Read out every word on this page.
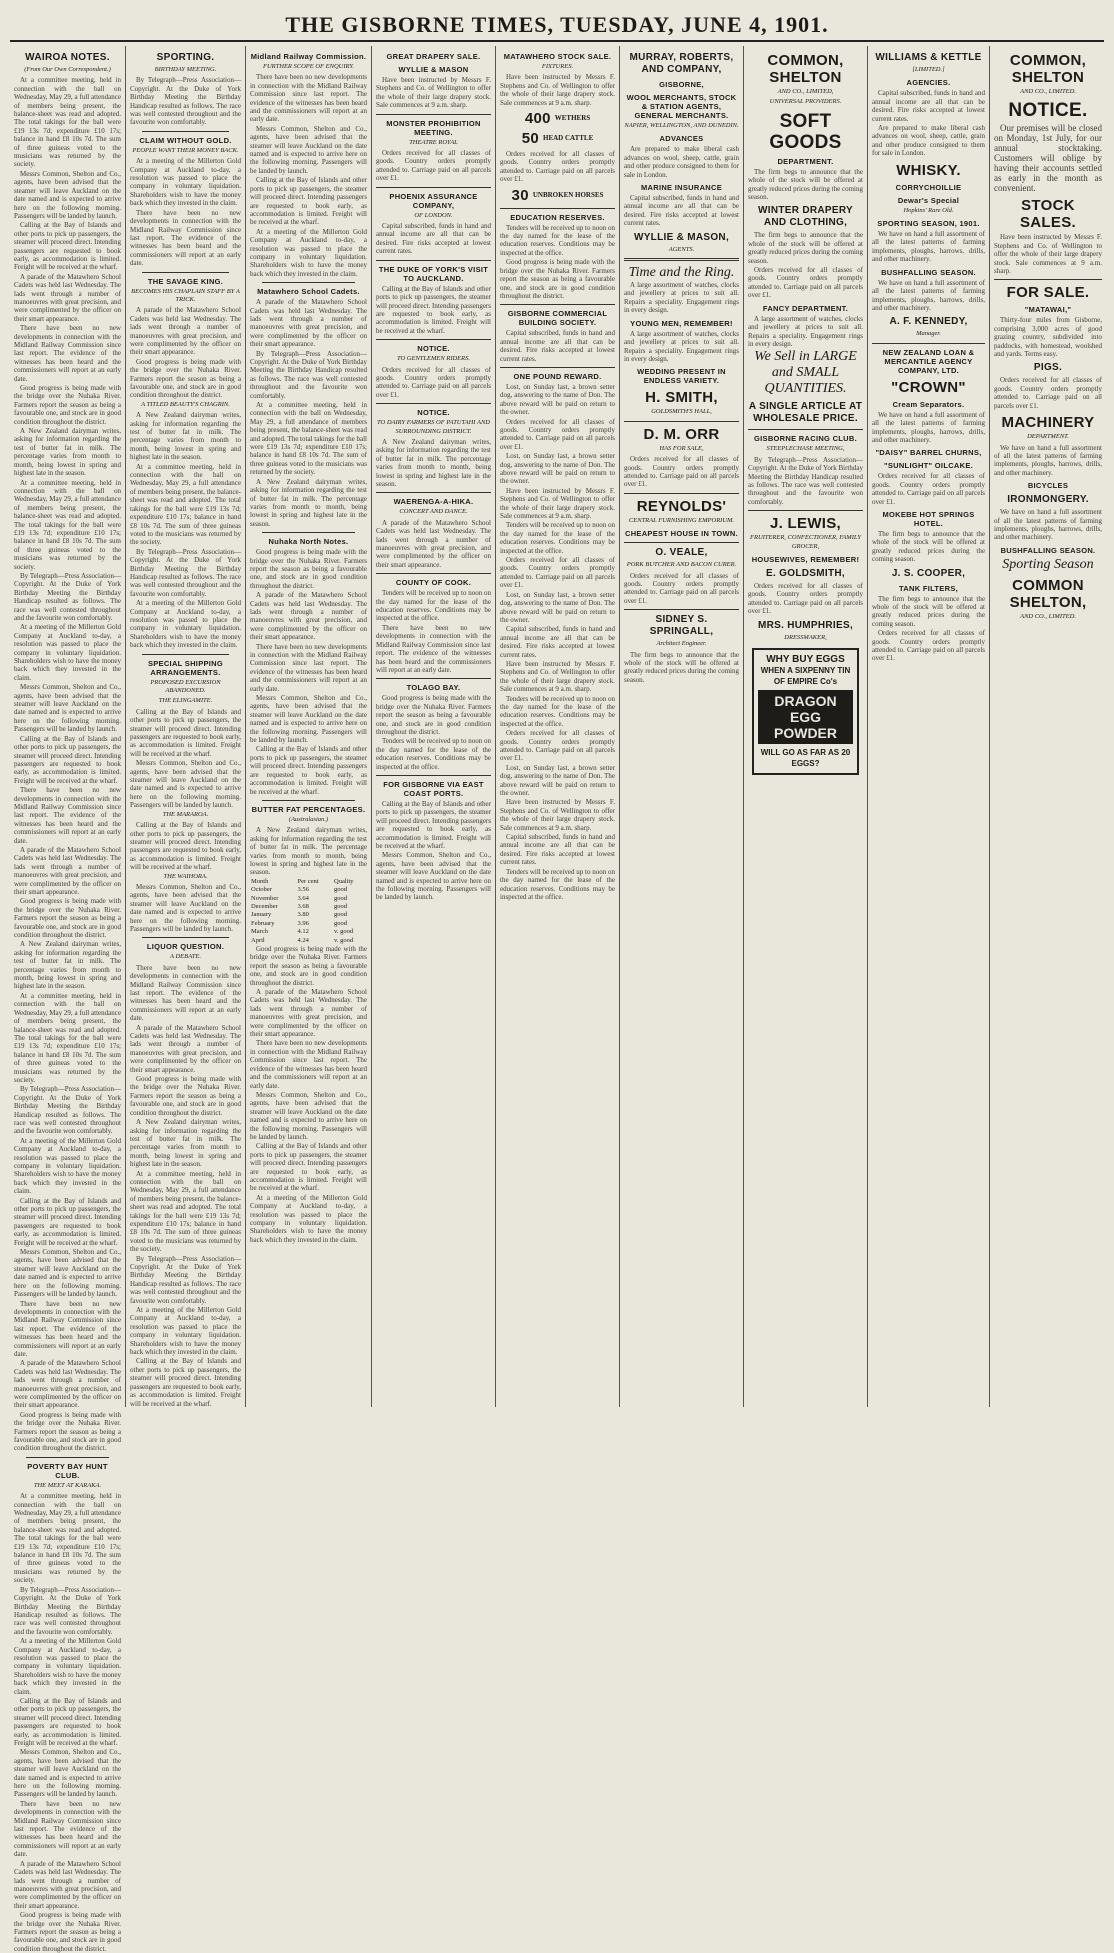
THE GISBORNE TIMES, TUESDAY, JUNE 4, 1901.
WAIROA NOTES.
(From Our Own Correspondent.)

At a committee meeting, held in connection with the ball on Wednesday, May 29, a full attendance of members being present, the balance-sheet was read and adopted. The total takings for the ball were £19 13s 7d; expenditure £10 17s; balance in hand £8 10s 7d. The sum of three guineas voted to the musicians was returned by the society.

Messrs Common, Shelton and Co., agents, have been advised that the steamer will leave Auckland on the date named and is expected to arrive here on the following morning. Passengers will be landed by launch.

Calling at the Bay of Islands and other ports to pick up passengers, the steamer will proceed direct. Intending passengers are requested to book early, as accommodation is limited. Freight will be received at the wharf.

A parade of the Matawhero School Cadets was held last Wednesday. The lads went through a number of manoeuvres with great precision, and were complimented by the officer on their smart appearance.

There have been no new developments in connection with the Midland Railway Commission since last report. The evidence of the witnesses has been heard and the commissioners will report at an early date.

Good progress is being made with the bridge over the Nuhaka River. Farmers report the season as being a favourable one, and stock are in good condition throughout the district.

A New Zealand dairyman writes, asking for information regarding the test of butter fat in milk. The percentage varies from month to month, being lowest in spring and highest late in the season.

At a committee meeting, held in connection with the ball on Wednesday, May 29, a full attendance of members being present, the balance-sheet was read and adopted. The total takings for the ball were £19 13s 7d; expenditure £10 17s; balance in hand £8 10s 7d. The sum of three guineas voted to the musicians was returned by the society.

By Telegraph—Press Association—Copyright. At the Duke of York Birthday Meeting the Birthday Handicap resulted as follows. The race was well contested throughout and the favourite won comfortably.

At a meeting of the Millerton Gold Company at Auckland to-day, a resolution was passed to place the company in voluntary liquidation. Shareholders wish to have the money back which they invested in the claim.

Messrs Common, Shelton and Co., agents, have been advised that the steamer will leave Auckland on the date named and is expected to arrive here on the following morning. Passengers will be landed by launch.

Calling at the Bay of Islands and other ports to pick up passengers, the steamer will proceed direct. Intending passengers are requested to book early, as accommodation is limited. Freight will be received at the wharf.

There have been no new developments in connection with the Midland Railway Commission since last report. The evidence of the witnesses has been heard and the commissioners will report at an early date.

A parade of the Matawhero School Cadets was held last Wednesday. The lads went through a number of manoeuvres with great precision, and were complimented by the officer on their smart appearance.

Good progress is being made with the bridge over the Nuhaka River. Farmers report the season as being a favourable one, and stock are in good condition throughout the district.

A New Zealand dairyman writes, asking for information regarding the test of butter fat in milk. The percentage varies from month to month, being lowest in spring and highest late in the season.

At a committee meeting, held in connection with the ball on Wednesday, May 29, a full attendance of members being present, the balance-sheet was read and adopted. The total takings for the ball were £19 13s 7d; expenditure £10 17s; balance in hand £8 10s 7d. The sum of three guineas voted to the musicians was returned by the society.

By Telegraph—Press Association—Copyright. At the Duke of York Birthday Meeting the Birthday Handicap resulted as follows. The race was well contested throughout and the favourite won comfortably.

At a meeting of the Millerton Gold Company at Auckland to-day, a resolution was passed to place the company in voluntary liquidation. Shareholders wish to have the money back which they invested in the claim.

Calling at the Bay of Islands and other ports to pick up passengers, the steamer will proceed direct. Intending passengers are requested to book early, as accommodation is limited. Freight will be received at the wharf.

Messrs Common, Shelton and Co., agents, have been advised that the steamer will leave Auckland on the date named and is expected to arrive here on the following morning. Passengers will be landed by launch.

There have been no new developments in connection with the Midland Railway Commission since last report. The evidence of the witnesses has been heard and the commissioners will report at an early date.

A parade of the Matawhero School Cadets was held last Wednesday. The lads went through a number of manoeuvres with great precision, and were complimented by the officer on their smart appearance.

Good progress is being made with the bridge over the Nuhaka River. Farmers report the season as being a favourable one, and stock are in good condition throughout the district.

POVERTY BAY HUNT CLUB.
THE MEET AT KARAKA.

At a committee meeting, held in connection with the ball on Wednesday, May 29, a full attendance of members being present, the balance-sheet was read and adopted. The total takings for the ball were £19 13s 7d; expenditure £10 17s; balance in hand £8 10s 7d. The sum of three guineas voted to the musicians was returned by the society.

By Telegraph—Press Association—Copyright. At the Duke of York Birthday Meeting the Birthday Handicap resulted as follows. The race was well contested throughout and the favourite won comfortably.

At a meeting of the Millerton Gold Company at Auckland to-day, a resolution was passed to place the company in voluntary liquidation. Shareholders wish to have the money back which they invested in the claim.

Calling at the Bay of Islands and other ports to pick up passengers, the steamer will proceed direct. Intending passengers are requested to book early, as accommodation is limited. Freight will be received at the wharf.

Messrs Common, Shelton and Co., agents, have been advised that the steamer will leave Auckland on the date named and is expected to arrive here on the following morning. Passengers will be landed by launch.

There have been no new developments in connection with the Midland Railway Commission since last report. The evidence of the witnesses has been heard and the commissioners will report at an early date.

A parade of the Matawhero School Cadets was held last Wednesday. The lads went through a number of manoeuvres with great precision, and were complimented by the officer on their smart appearance.

Good progress is being made with the bridge over the Nuhaka River. Farmers report the season as being a favourable one, and stock are in good condition throughout the district.

SPORTING.
BIRTHDAY MEETING.

By Telegraph—Press Association—Copyright. At the Duke of York Birthday Meeting the Birthday Handicap resulted as follows. The race was well contested throughout and the favourite won comfortably.

CLAIM WITHOUT GOLD.
PEOPLE WANT THEIR MONEY BACK.

At a meeting of the Millerton Gold Company at Auckland to-day, a resolution was passed to place the company in voluntary liquidation. Shareholders wish to have the money back which they invested in the claim.

There have been no new developments in connection with the Midland Railway Commission since last report. The evidence of the witnesses has been heard and the commissioners will report at an early date.

THE SAVAGE KING.
BECOMES HIS CHAPLAIN STAFF BY A TRICK.

A parade of the Matawhero School Cadets was held last Wednesday. The lads went through a number of manoeuvres with great precision, and were complimented by the officer on their smart appearance.

Good progress is being made with the bridge over the Nuhaka River. Farmers report the season as being a favourable one, and stock are in good condition throughout the district.

A TITLED BEAUTY'S CHAGRIN.

A New Zealand dairyman writes, asking for information regarding the test of butter fat in milk. The percentage varies from month to month, being lowest in spring and highest late in the season.

At a committee meeting, held in connection with the ball on Wednesday, May 29, a full attendance of members being present, the balance-sheet was read and adopted. The total takings for the ball were £19 13s 7d; expenditure £10 17s; balance in hand £8 10s 7d. The sum of three guineas voted to the musicians was returned by the society.

By Telegraph—Press Association—Copyright. At the Duke of York Birthday Meeting the Birthday Handicap resulted as follows. The race was well contested throughout and the favourite won comfortably.

At a meeting of the Millerton Gold Company at Auckland to-day, a resolution was passed to place the company in voluntary liquidation. Shareholders wish to have the money back which they invested in the claim.

SPECIAL SHIPPING ARRANGEMENTS.
PROPOSED EXCURSION ABANDONED.
THE ELINGAMITE.

Calling at the Bay of Islands and other ports to pick up passengers, the steamer will proceed direct. Intending passengers are requested to book early, as accommodation is limited. Freight will be received at the wharf.

Messrs Common, Shelton and Co., agents, have been advised that the steamer will leave Auckland on the date named and is expected to arrive here on the following morning. Passengers will be landed by launch.

THE MARAROA.

Calling at the Bay of Islands and other ports to pick up passengers, the steamer will proceed direct. Intending passengers are requested to book early, as accommodation is limited. Freight will be received at the wharf.

THE WAIHORA.

Messrs Common, Shelton and Co., agents, have been advised that the steamer will leave Auckland on the date named and is expected to arrive here on the following morning. Passengers will be landed by launch.

LIQUOR QUESTION.
A DEBATE.

There have been no new developments in connection with the Midland Railway Commission since last report. The evidence of the witnesses has been heard and the commissioners will report at an early date.

A parade of the Matawhero School Cadets was held last Wednesday. The lads went through a number of manoeuvres with great precision, and were complimented by the officer on their smart appearance.

Good progress is being made with the bridge over the Nuhaka River. Farmers report the season as being a favourable one, and stock are in good condition throughout the district.

A New Zealand dairyman writes, asking for information regarding the test of butter fat in milk. The percentage varies from month to month, being lowest in spring and highest late in the season.

At a committee meeting, held in connection with the ball on Wednesday, May 29, a full attendance of members being present, the balance-sheet was read and adopted. The total takings for the ball were £19 13s 7d; expenditure £10 17s; balance in hand £8 10s 7d. The sum of three guineas voted to the musicians was returned by the society.

By Telegraph—Press Association—Copyright. At the Duke of York Birthday Meeting the Birthday Handicap resulted as follows. The race was well contested throughout and the favourite won comfortably.

At a meeting of the Millerton Gold Company at Auckland to-day, a resolution was passed to place the company in voluntary liquidation. Shareholders wish to have the money back which they invested in the claim.

Calling at the Bay of Islands and other ports to pick up passengers, the steamer will proceed direct. Intending passengers are requested to book early, as accommodation is limited. Freight will be received at the wharf.

Midland Railway Commission.
FURTHER SCOPE OF ENQUIRY.

There have been no new developments in connection with the Midland Railway Commission since last report. The evidence of the witnesses has been heard and the commissioners will report at an early date.

Messrs Common, Shelton and Co., agents, have been advised that the steamer will leave Auckland on the date named and is expected to arrive here on the following morning. Passengers will be landed by launch.

Calling at the Bay of Islands and other ports to pick up passengers, the steamer will proceed direct. Intending passengers are requested to book early, as accommodation is limited. Freight will be received at the wharf.

At a meeting of the Millerton Gold Company at Auckland to-day, a resolution was passed to place the company in voluntary liquidation. Shareholders wish to have the money back which they invested in the claim.

Matawhero School Cadets.

A parade of the Matawhero School Cadets was held last Wednesday. The lads went through a number of manoeuvres with great precision, and were complimented by the officer on their smart appearance.

By Telegraph—Press Association—Copyright. At the Duke of York Birthday Meeting the Birthday Handicap resulted as follows. The race was well contested throughout and the favourite won comfortably.

At a committee meeting, held in connection with the ball on Wednesday, May 29, a full attendance of members being present, the balance-sheet was read and adopted. The total takings for the ball were £19 13s 7d; expenditure £10 17s; balance in hand £8 10s 7d. The sum of three guineas voted to the musicians was returned by the society.

A New Zealand dairyman writes, asking for information regarding the test of butter fat in milk. The percentage varies from month to month, being lowest in spring and highest late in the season.

Nuhaka North Notes.

Good progress is being made with the bridge over the Nuhaka River. Farmers report the season as being a favourable one, and stock are in good condition throughout the district.

A parade of the Matawhero School Cadets was held last Wednesday. The lads went through a number of manoeuvres with great precision, and were complimented by the officer on their smart appearance.

There have been no new developments in connection with the Midland Railway Commission since last report. The evidence of the witnesses has been heard and the commissioners will report at an early date.

Messrs Common, Shelton and Co., agents, have been advised that the steamer will leave Auckland on the date named and is expected to arrive here on the following morning. Passengers will be landed by launch.

Calling at the Bay of Islands and other ports to pick up passengers, the steamer will proceed direct. Intending passengers are requested to book early, as accommodation is limited. Freight will be received at the wharf.

BUTTER FAT PERCENTAGES.
(Australasian.)

A New Zealand dairyman writes, asking for information regarding the test of butter fat in milk. The percentage varies from month to month, being lowest in spring and highest late in the season.

Month	Per cent	Quality
October	3.56	good
November	3.64	good
December	3.68	good
January	3.80	good
February	3.96	good
March	4.12	v. good
April	4.24	v. good

Good progress is being made with the bridge over the Nuhaka River. Farmers report the season as being a favourable one, and stock are in good condition throughout the district.

A parade of the Matawhero School Cadets was held last Wednesday. The lads went through a number of manoeuvres with great precision, and were complimented by the officer on their smart appearance.

There have been no new developments in connection with the Midland Railway Commission since last report. The evidence of the witnesses has been heard and the commissioners will report at an early date.

Messrs Common, Shelton and Co., agents, have been advised that the steamer will leave Auckland on the date named and is expected to arrive here on the following morning. Passengers will be landed by launch.

Calling at the Bay of Islands and other ports to pick up passengers, the steamer will proceed direct. Intending passengers are requested to book early, as accommodation is limited. Freight will be received at the wharf.

At a meeting of the Millerton Gold Company at Auckland to-day, a resolution was passed to place the company in voluntary liquidation. Shareholders wish to have the money back which they invested in the claim.

GREAT DRAPERY SALE.
WYLLIE & MASON

Have been instructed by Messrs F. Stephens and Co. of Wellington to offer the whole of their large drapery stock. Sale commences at 9 a.m. sharp.

MONSTER PROHIBITION MEETING.
THEATRE ROYAL

Orders received for all classes of goods. Country orders promptly attended to. Carriage paid on all parcels over £1.

PHOENIX ASSURANCE COMPANY,
OF LONDON.

Capital subscribed, funds in hand and annual income are all that can be desired. Fire risks accepted at lowest current rates.

THE DUKE OF YORK'S VISIT TO AUCKLAND.

Calling at the Bay of Islands and other ports to pick up passengers, the steamer will proceed direct. Intending passengers are requested to book early, as accommodation is limited. Freight will be received at the wharf.

NOTICE.
TO GENTLEMEN RIDERS.

Orders received for all classes of goods. Country orders promptly attended to. Carriage paid on all parcels over £1.

NOTICE.
TO DAIRY FARMERS OF PATUTAHI AND SURROUNDING DISTRICT.

A New Zealand dairyman writes, asking for information regarding the test of butter fat in milk. The percentage varies from month to month, being lowest in spring and highest late in the season.

WAERENGA-A-HIKA.
CONCERT AND DANCE.

A parade of the Matawhero School Cadets was held last Wednesday. The lads went through a number of manoeuvres with great precision, and were complimented by the officer on their smart appearance.

COUNTY OF COOK.

Tenders will be received up to noon on the day named for the lease of the education reserves. Conditions may be inspected at the office.

There have been no new developments in connection with the Midland Railway Commission since last report. The evidence of the witnesses has been heard and the commissioners will report at an early date.

TOLAGO BAY.

Good progress is being made with the bridge over the Nuhaka River. Farmers report the season as being a favourable one, and stock are in good condition throughout the district.

Tenders will be received up to noon on the day named for the lease of the education reserves. Conditions may be inspected at the office.

FOR GISBORNE VIA EAST COAST PORTS.

Calling at the Bay of Islands and other ports to pick up passengers, the steamer will proceed direct. Intending passengers are requested to book early, as accommodation is limited. Freight will be received at the wharf.

Messrs Common, Shelton and Co., agents, have been advised that the steamer will leave Auckland on the date named and is expected to arrive here on the following morning. Passengers will be landed by launch.

MATAWHERO STOCK SALE.
FIXTURES.

Have been instructed by Messrs F. Stephens and Co. of Wellington to offer the whole of their large drapery stock. Sale commences at 9 a.m. sharp.

400 WETHERS
50 HEAD CATTLE

Orders received for all classes of goods. Country orders promptly attended to. Carriage paid on all parcels over £1.

30 UNBROKEN HORSES
EDUCATION RESERVES.

Tenders will be received up to noon on the day named for the lease of the education reserves. Conditions may be inspected at the office.

Good progress is being made with the bridge over the Nuhaka River. Farmers report the season as being a favourable one, and stock are in good condition throughout the district.

GISBORNE COMMERCIAL BUILDING SOCIETY.

Capital subscribed, funds in hand and annual income are all that can be desired. Fire risks accepted at lowest current rates.

ONE POUND REWARD.

Lost, on Sunday last, a brown setter dog, answering to the name of Don. The above reward will be paid on return to the owner.

Orders received for all classes of goods. Country orders promptly attended to. Carriage paid on all parcels over £1.

Lost, on Sunday last, a brown setter dog, answering to the name of Don. The above reward will be paid on return to the owner.

Have been instructed by Messrs F. Stephens and Co. of Wellington to offer the whole of their large drapery stock. Sale commences at 9 a.m. sharp.

Tenders will be received up to noon on the day named for the lease of the education reserves. Conditions may be inspected at the office.

Orders received for all classes of goods. Country orders promptly attended to. Carriage paid on all parcels over £1.

Lost, on Sunday last, a brown setter dog, answering to the name of Don. The above reward will be paid on return to the owner.

Capital subscribed, funds in hand and annual income are all that can be desired. Fire risks accepted at lowest current rates.

Have been instructed by Messrs F. Stephens and Co. of Wellington to offer the whole of their large drapery stock. Sale commences at 9 a.m. sharp.

Tenders will be received up to noon on the day named for the lease of the education reserves. Conditions may be inspected at the office.

Orders received for all classes of goods. Country orders promptly attended to. Carriage paid on all parcels over £1.

Lost, on Sunday last, a brown setter dog, answering to the name of Don. The above reward will be paid on return to the owner.

Have been instructed by Messrs F. Stephens and Co. of Wellington to offer the whole of their large drapery stock. Sale commences at 9 a.m. sharp.

Capital subscribed, funds in hand and annual income are all that can be desired. Fire risks accepted at lowest current rates.

Tenders will be received up to noon on the day named for the lease of the education reserves. Conditions may be inspected at the office.

MURRAY, ROBERTS, AND COMPANY,
GISBORNE,
WOOL MERCHANTS, STOCK & STATION AGENTS, GENERAL MERCHANTS.
NAPIER, WELLINGTON, AND DUNEDIN.
ADVANCES

Are prepared to make liberal cash advances on wool, sheep, cattle, grain and other produce consigned to them for sale in London.

MARINE INSURANCE

Capital subscribed, funds in hand and annual income are all that can be desired. Fire risks accepted at lowest current rates.

WYLLIE & MASON,
AGENTS.
Time and the Ring.

A large assortment of watches, clocks and jewellery at prices to suit all. Repairs a speciality. Engagement rings in every design.

YOUNG MEN, REMEMBER!

A large assortment of watches, clocks and jewellery at prices to suit all. Repairs a speciality. Engagement rings in every design.

WEDDING PRESENT IN ENDLESS VARIETY.
H. SMITH,
GOLDSMITH'S HALL,
D. M. ORR
HAS FOR SALE,

Orders received for all classes of goods. Country orders promptly attended to. Carriage paid on all parcels over £1.

REYNOLDS'
CENTRAL FURNISHING EMPORIUM.
CHEAPEST HOUSE IN TOWN.
O. VEALE,
PORK BUTCHER AND BACON CURER.

Orders received for all classes of goods. Country orders promptly attended to. Carriage paid on all parcels over £1.

SIDNEY S. SPRINGALL,
Architect Engineer.

The firm begs to announce that the whole of the stock will be offered at greatly reduced prices during the coming season.

COMMON, SHELTON
AND CO., LIMITED,
UNIVERSAL PROVIDERS.
SOFT GOODS
DEPARTMENT.

The firm begs to announce that the whole of the stock will be offered at greatly reduced prices during the coming season.

WINTER DRAPERY AND CLOTHING,

The firm begs to announce that the whole of the stock will be offered at greatly reduced prices during the coming season.

Orders received for all classes of goods. Country orders promptly attended to. Carriage paid on all parcels over £1.

FANCY DEPARTMENT.

A large assortment of watches, clocks and jewellery at prices to suit all. Repairs a speciality. Engagement rings in every design.

We Sell in LARGE and SMALL QUANTITIES.
A SINGLE ARTICLE AT WHOLESALE PRICE.
GISBORNE RACING CLUB.
STEEPLECHASE MEETING,

By Telegraph—Press Association—Copyright. At the Duke of York Birthday Meeting the Birthday Handicap resulted as follows. The race was well contested throughout and the favourite won comfortably.

J. LEWIS,
FRUITERER, CONFECTIONER, FAMILY GROCER,
HOUSEWIVES, REMEMBER!
E. GOLDSMITH,

Orders received for all classes of goods. Country orders promptly attended to. Carriage paid on all parcels over £1.

MRS. HUMPHRIES,
DRESSMAKER,
WHY BUY EGGS
WHEN A SIXPENNY TIN OF EMPIRE Co's
DRAGON EGG POWDER
WILL GO AS FAR AS 20 EGGS?
WILLIAMS & KETTLE
[LIMITED.]
AGENCIES.

Capital subscribed, funds in hand and annual income are all that can be desired. Fire risks accepted at lowest current rates.

Are prepared to make liberal cash advances on wool, sheep, cattle, grain and other produce consigned to them for sale in London.

WHISKY.
CORRYCHOILLIE
Dewar's Special
Hopkins' Rare Old.
SPORTING SEASON, 1901.

We have on hand a full assortment of all the latest patterns of farming implements, ploughs, harrows, drills, and other machinery.

BUSHFALLING SEASON.

We have on hand a full assortment of all the latest patterns of farming implements, ploughs, harrows, drills, and other machinery.

A. F. KENNEDY,
Manager.
NEW ZEALAND LOAN & MERCANTILE AGENCY COMPANY, LTD.
"CROWN"
Cream Separators.

We have on hand a full assortment of all the latest patterns of farming implements, ploughs, harrows, drills, and other machinery.

"DAISY" BARREL CHURNS,
"SUNLIGHT" OILCAKE.

Orders received for all classes of goods. Country orders promptly attended to. Carriage paid on all parcels over £1.

MOKEBE HOT SPRINGS HOTEL.

The firm begs to announce that the whole of the stock will be offered at greatly reduced prices during the coming season.

J. S. COOPER,
TANK FILTERS,

The firm begs to announce that the whole of the stock will be offered at greatly reduced prices during the coming season.

Orders received for all classes of goods. Country orders promptly attended to. Carriage paid on all parcels over £1.

COMMON, SHELTON
AND CO., LIMITED.
NOTICE.

Our premises will be closed on Monday, 1st July, for our annual stocktaking. Customers will oblige by having their accounts settled as early in the month as convenient.

STOCK SALES.

Have been instructed by Messrs F. Stephens and Co. of Wellington to offer the whole of their large drapery stock. Sale commences at 9 a.m. sharp.

FOR SALE.
"MATAWAI,"

Thirty-four miles from Gisborne, comprising 3,000 acres of good grazing country, subdivided into paddocks, with homestead, woolshed and yards. Terms easy.

PIGS.

Orders received for all classes of goods. Country orders promptly attended to. Carriage paid on all parcels over £1.

MACHINERY
DEPARTMENT.

We have on hand a full assortment of all the latest patterns of farming implements, ploughs, harrows, drills, and other machinery.

BICYCLES
IRONMONGERY.

We have on hand a full assortment of all the latest patterns of farming implements, ploughs, harrows, drills, and other machinery.

BUSHFALLING SEASON.
Sporting Season
COMMON SHELTON,
AND CO., LIMITED.
